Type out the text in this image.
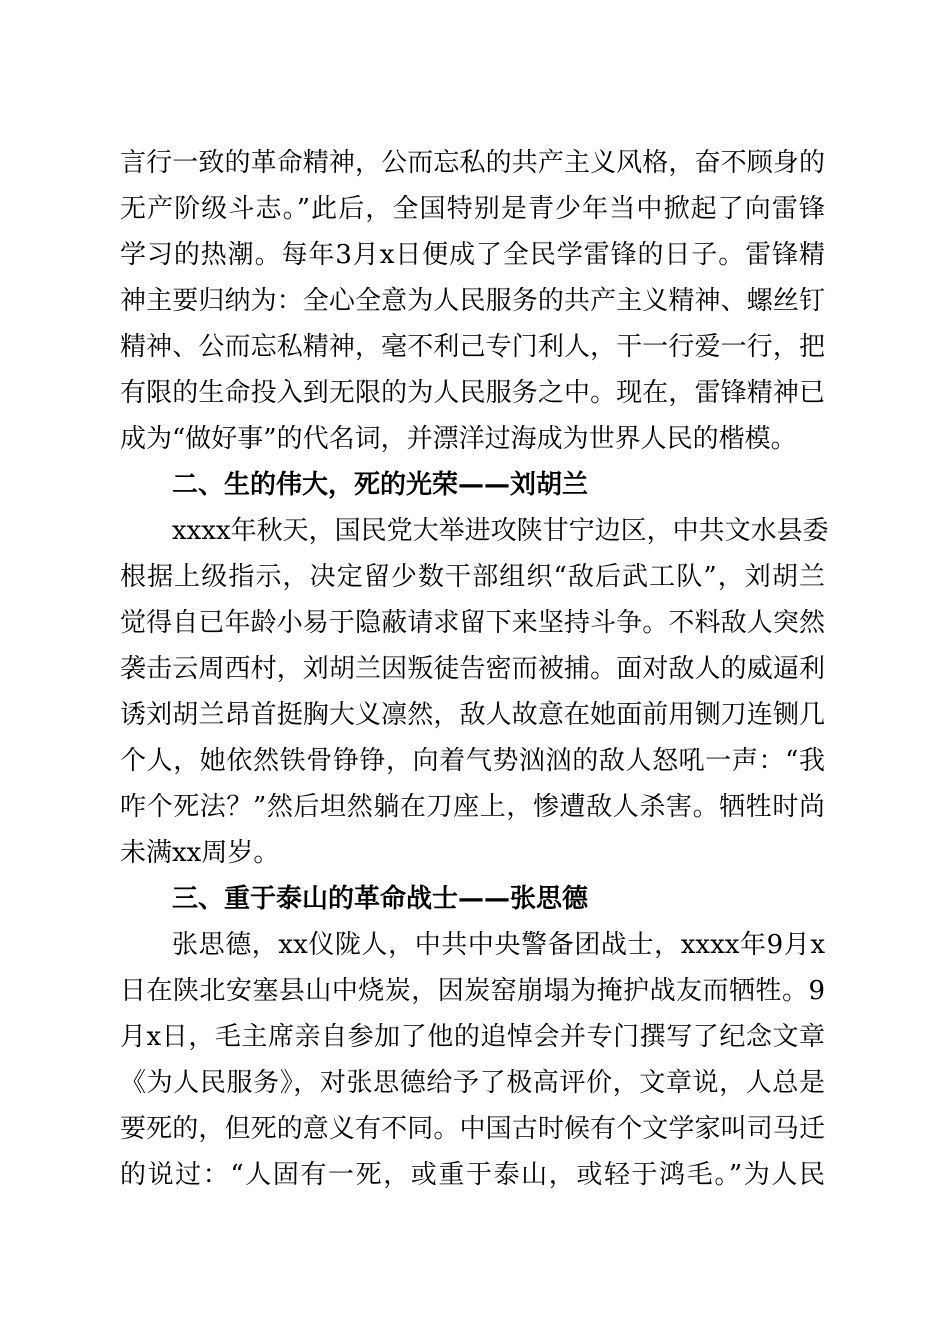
言行一致的革命精神，公而忘私的共产主义风格，奋不顾身的
无产阶级斗志。”此后，全国特别是青少年当中掀起了向雷锋
学习的热潮。每年3月x日便成了全民学雷锋的日子。雷锋精
神主要归纳为：全心全意为人民服务的共产主义精神、螺丝钉
精神、公而忘私精神，毫不利己专门利人，干一行爱一行，把
有限的生命投入到无限的为人民服务之中。现在，雷锋精神已
成为“做好事”的代名词，并漂洋过海成为世界人民的楷模。
二、生的伟大，死的光荣——刘胡兰
xxxx年秋天，国民党大举进攻陕甘宁边区，中共文水县委
根据上级指示，决定留少数干部组织“敌后武工队”，刘胡兰
觉得自已年龄小易于隐蔽请求留下来坚持斗争。不料敌人突然
袭击云周西村，刘胡兰因叛徒告密而被捕。面对敌人的威逼利
诱刘胡兰昂首挺胸大义凛然，敌人故意在她面前用铡刀连铡几
个人，她依然铁骨铮铮，向着气势汹汹的敌人怒吼一声：“我
咋个死法？”然后坦然躺在刀座上，惨遭敌人杀害。牺牲时尚
未满xx周岁。
三、重于泰山的革命战士——张思德
张思德，xx仪陇人，中共中央警备团战士，xxxx年9月x
日在陕北安塞县山中烧炭，因炭窑崩塌为掩护战友而牺牲。9
月x日，毛主席亲自参加了他的追悼会并专门撰写了纪念文章
《为人民服务》，对张思德给予了极高评价，文章说，人总是
要死的，但死的意义有不同。中国古时候有个文学家叫司马迁
的说过：“人固有一死，或重于泰山，或轻于鸿毛。”为人民
